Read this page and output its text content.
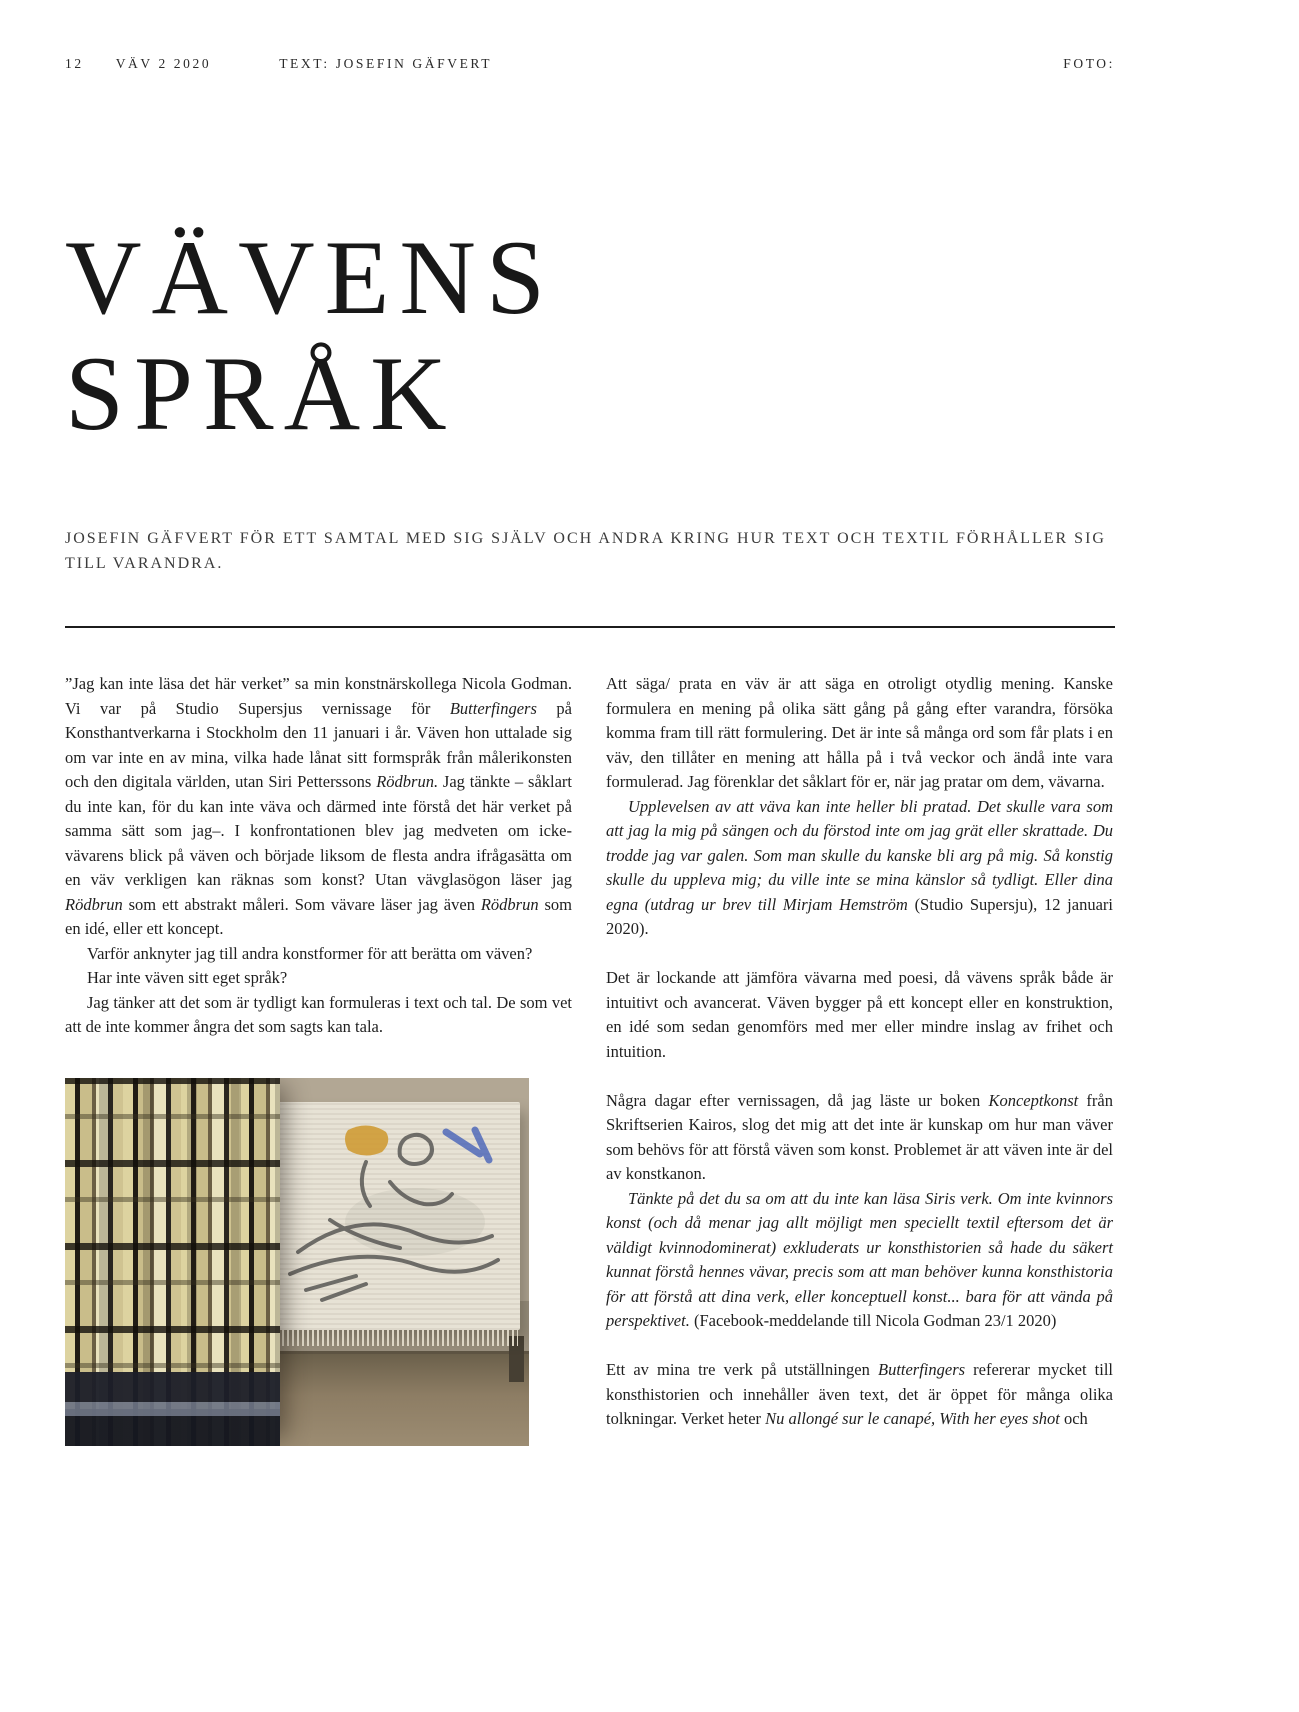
12 VÄV 2 2020	TEXT: JOSEFIN GÄFVERT	FOTO:
VÄVENS
SPRÅK

JOSEFIN GÄFVERT FÖR ETT SAMTAL MED SIG SJÄLV OCH ANDRA KRING HUR TEXT OCH TEXTIL FÖRHÅLLER SIG TILL VARANDRA.

”Jag kan inte läsa det här verket” sa min konstnärskollega Nicola Godman. Vi var på Studio Supersjus vernissage för Butterfingers på Konsthantverkarna i Stockholm den 11 januari i år. Väven hon uttalade sig om var inte en av mina, vilka hade lånat sitt formspråk från målerikonsten och den digitala världen, utan Siri Petterssons Rödbrun. Jag tänkte – såklart du inte kan, för du kan inte väva och därmed inte förstå det här verket på samma sätt som jag–. I konfrontationen blev jag medveten om icke-vävarens blick på väven och började liksom de flesta andra ifrågasätta om en väv verkligen kan räknas som konst? Utan vävglasögon läser jag Rödbrun som ett abstrakt måleri. Som vävare läser jag även Rödbrun som en idé, eller ett koncept.

Varför anknyter jag till andra konstformer för att berätta om väven?

Har inte väven sitt eget språk?

Jag tänker att det som är tydligt kan formuleras i text och tal. De som vet att de inte kommer ångra det som sagts kan tala.

Att säga/ prata en väv är att säga en otroligt otydlig mening. Kanske formulera en mening på olika sätt gång på gång efter varandra, försöka komma fram till rätt formulering. Det är inte så många ord som får plats i en väv, den tillåter en mening att hålla på i två veckor och ändå inte vara formulerad. Jag förenklar det såklart för er, när jag pratar om dem, vävarna.

Upplevelsen av att väva kan inte heller bli pratad. Det skulle vara som att jag la mig på sängen och du förstod inte om jag grät eller skrattade. Du trodde jag var galen. Som man skulle du kanske bli arg på mig. Så konstig skulle du uppleva mig; du ville inte se mina känslor så tydligt. Eller dina egna (utdrag ur brev till Mirjam Hemström (Studio Supersju), 12 januari 2020).

Det är lockande att jämföra vävarna med poesi, då vävens språk både är intuitivt och avancerat. Väven bygger på ett koncept eller en konstruktion, en idé som sedan genomförs med mer eller mindre inslag av frihet och intuition.

Några dagar efter vernissagen, då jag läste ur boken Konceptkonst från Skriftserien Kairos, slog det mig att det inte är kunskap om hur man väver som behövs för att förstå väven som konst. Problemet är att väven inte är del av konstkanon.

Tänkte på det du sa om att du inte kan läsa Siris verk. Om inte kvinnors konst (och då menar jag allt möjligt men speciellt textil eftersom det är väldigt kvinnodominerat) exkluderats ur konsthistorien så hade du säkert kunnat förstå hennes vävar, precis som att man behöver kunna konsthistoria för att förstå att dina verk, eller konceptuell konst... bara för att vända på perspektivet. (Facebook-meddelande till Nicola Godman 23/1 2020)

Ett av mina tre verk på utställningen Butterfingers refererar mycket till konsthistorien och innehåller även text, det är öppet för många olika tolkningar. Verket heter Nu allongé sur le canapé, With her eyes shot och
